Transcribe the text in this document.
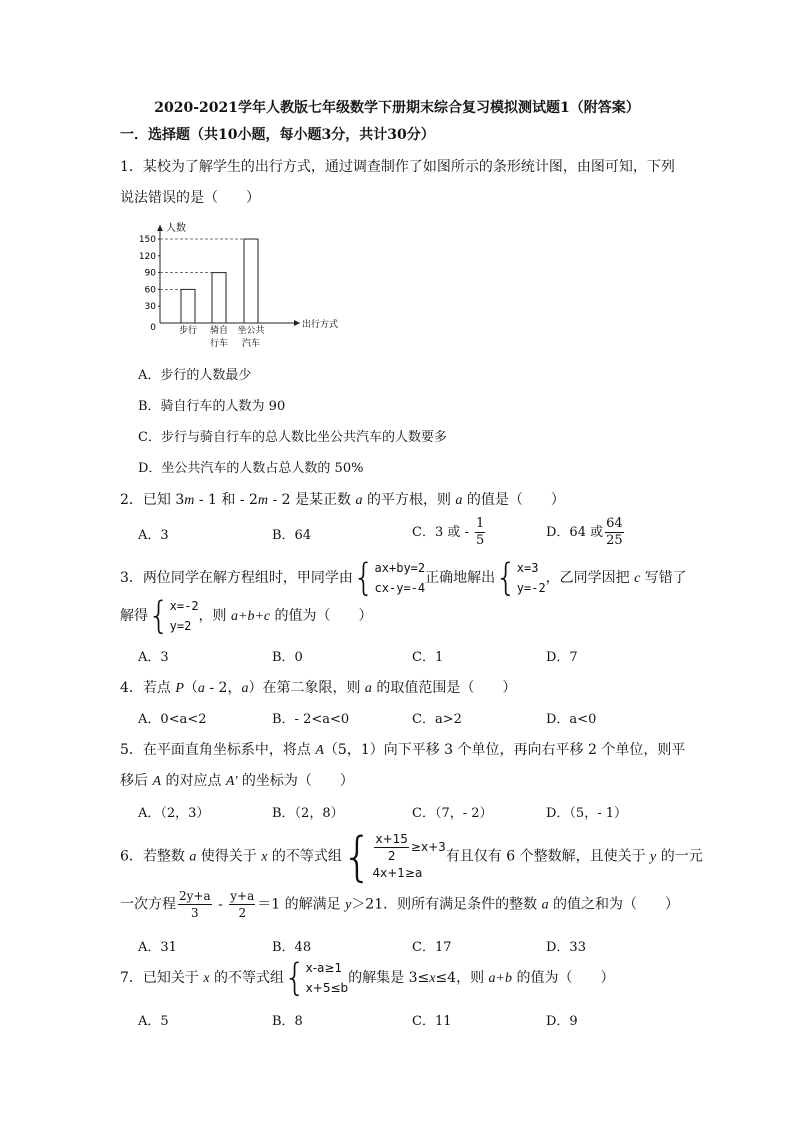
2020-2021学年人教版七年级数学下册期末综合复习模拟测试题1（附答案）
一．选择题（共10小题，每小题3分，共计30分）
1．某校为了解学生的出行方式，通过调查制作了如图所示的条形统计图，由图可知，下列
说法错误的是（　　）
人数
出行方式
0
30
60
90
120
150
步行 骑自
行车
坐公共
汽车
A．步行的人数最少
B．骑自行车的人数为 90
C．步行与骑自行车的总人数比坐公共汽车的人数要多
D．坐公共汽车的人数占总人数的 50%
2．已知 3m - 1 和 - 2m - 2 是某正数 a 的平方根，则 a 的值是（　　）
A．3	B．64	C．3 或 - $\frac{1}{5}$	D．64 或 $\frac{64}{25}$
3．两位同学在解方程组时，甲同学由{ ax+by=2
cx-y=-4
正确地解出{ x=3
y=-2
，乙同学因把 c 写错了
解得{ x=-2
y=2
，则 a+b+c 的值为（　　）
A．3	B．0	C．1	D．7
4．若点 P（a - 2，a）在第二象限，则 a 的取值范围是（　　）
A．0<a<2	B．- 2<a<0	C．a>2	D．a<0
5．在平面直角坐标系中，将点 A（5，1）向下平移 3 个单位，再向右平移 2 个单位，则平
移后 A 的对应点 A' 的坐标为（　　）
A．（2，3）	B．（2，8）	C．（7，- 2）	D．（5，- 1）
6．若整数 a 使得关于 x 的不等式组{ $\frac{x+15}{2} \ge x+3$
4x+1≥a
有且仅有 6 个整数解，且使关于 y 的一元
一次方程 $\frac{2y+a}{3} - \frac{y+a}{2} =1$ 的解满足 y＞21．则所有满足条件的整数 a 的值之和为（　　）
A．31	B．48	C．17	D．33
7．已知关于 x 的不等式组{ x-a≥1
x+5≤b
的解集是 3≤x≤4，则 a+b 的值为（　　）
A．5	B．8	C．11	D．9
